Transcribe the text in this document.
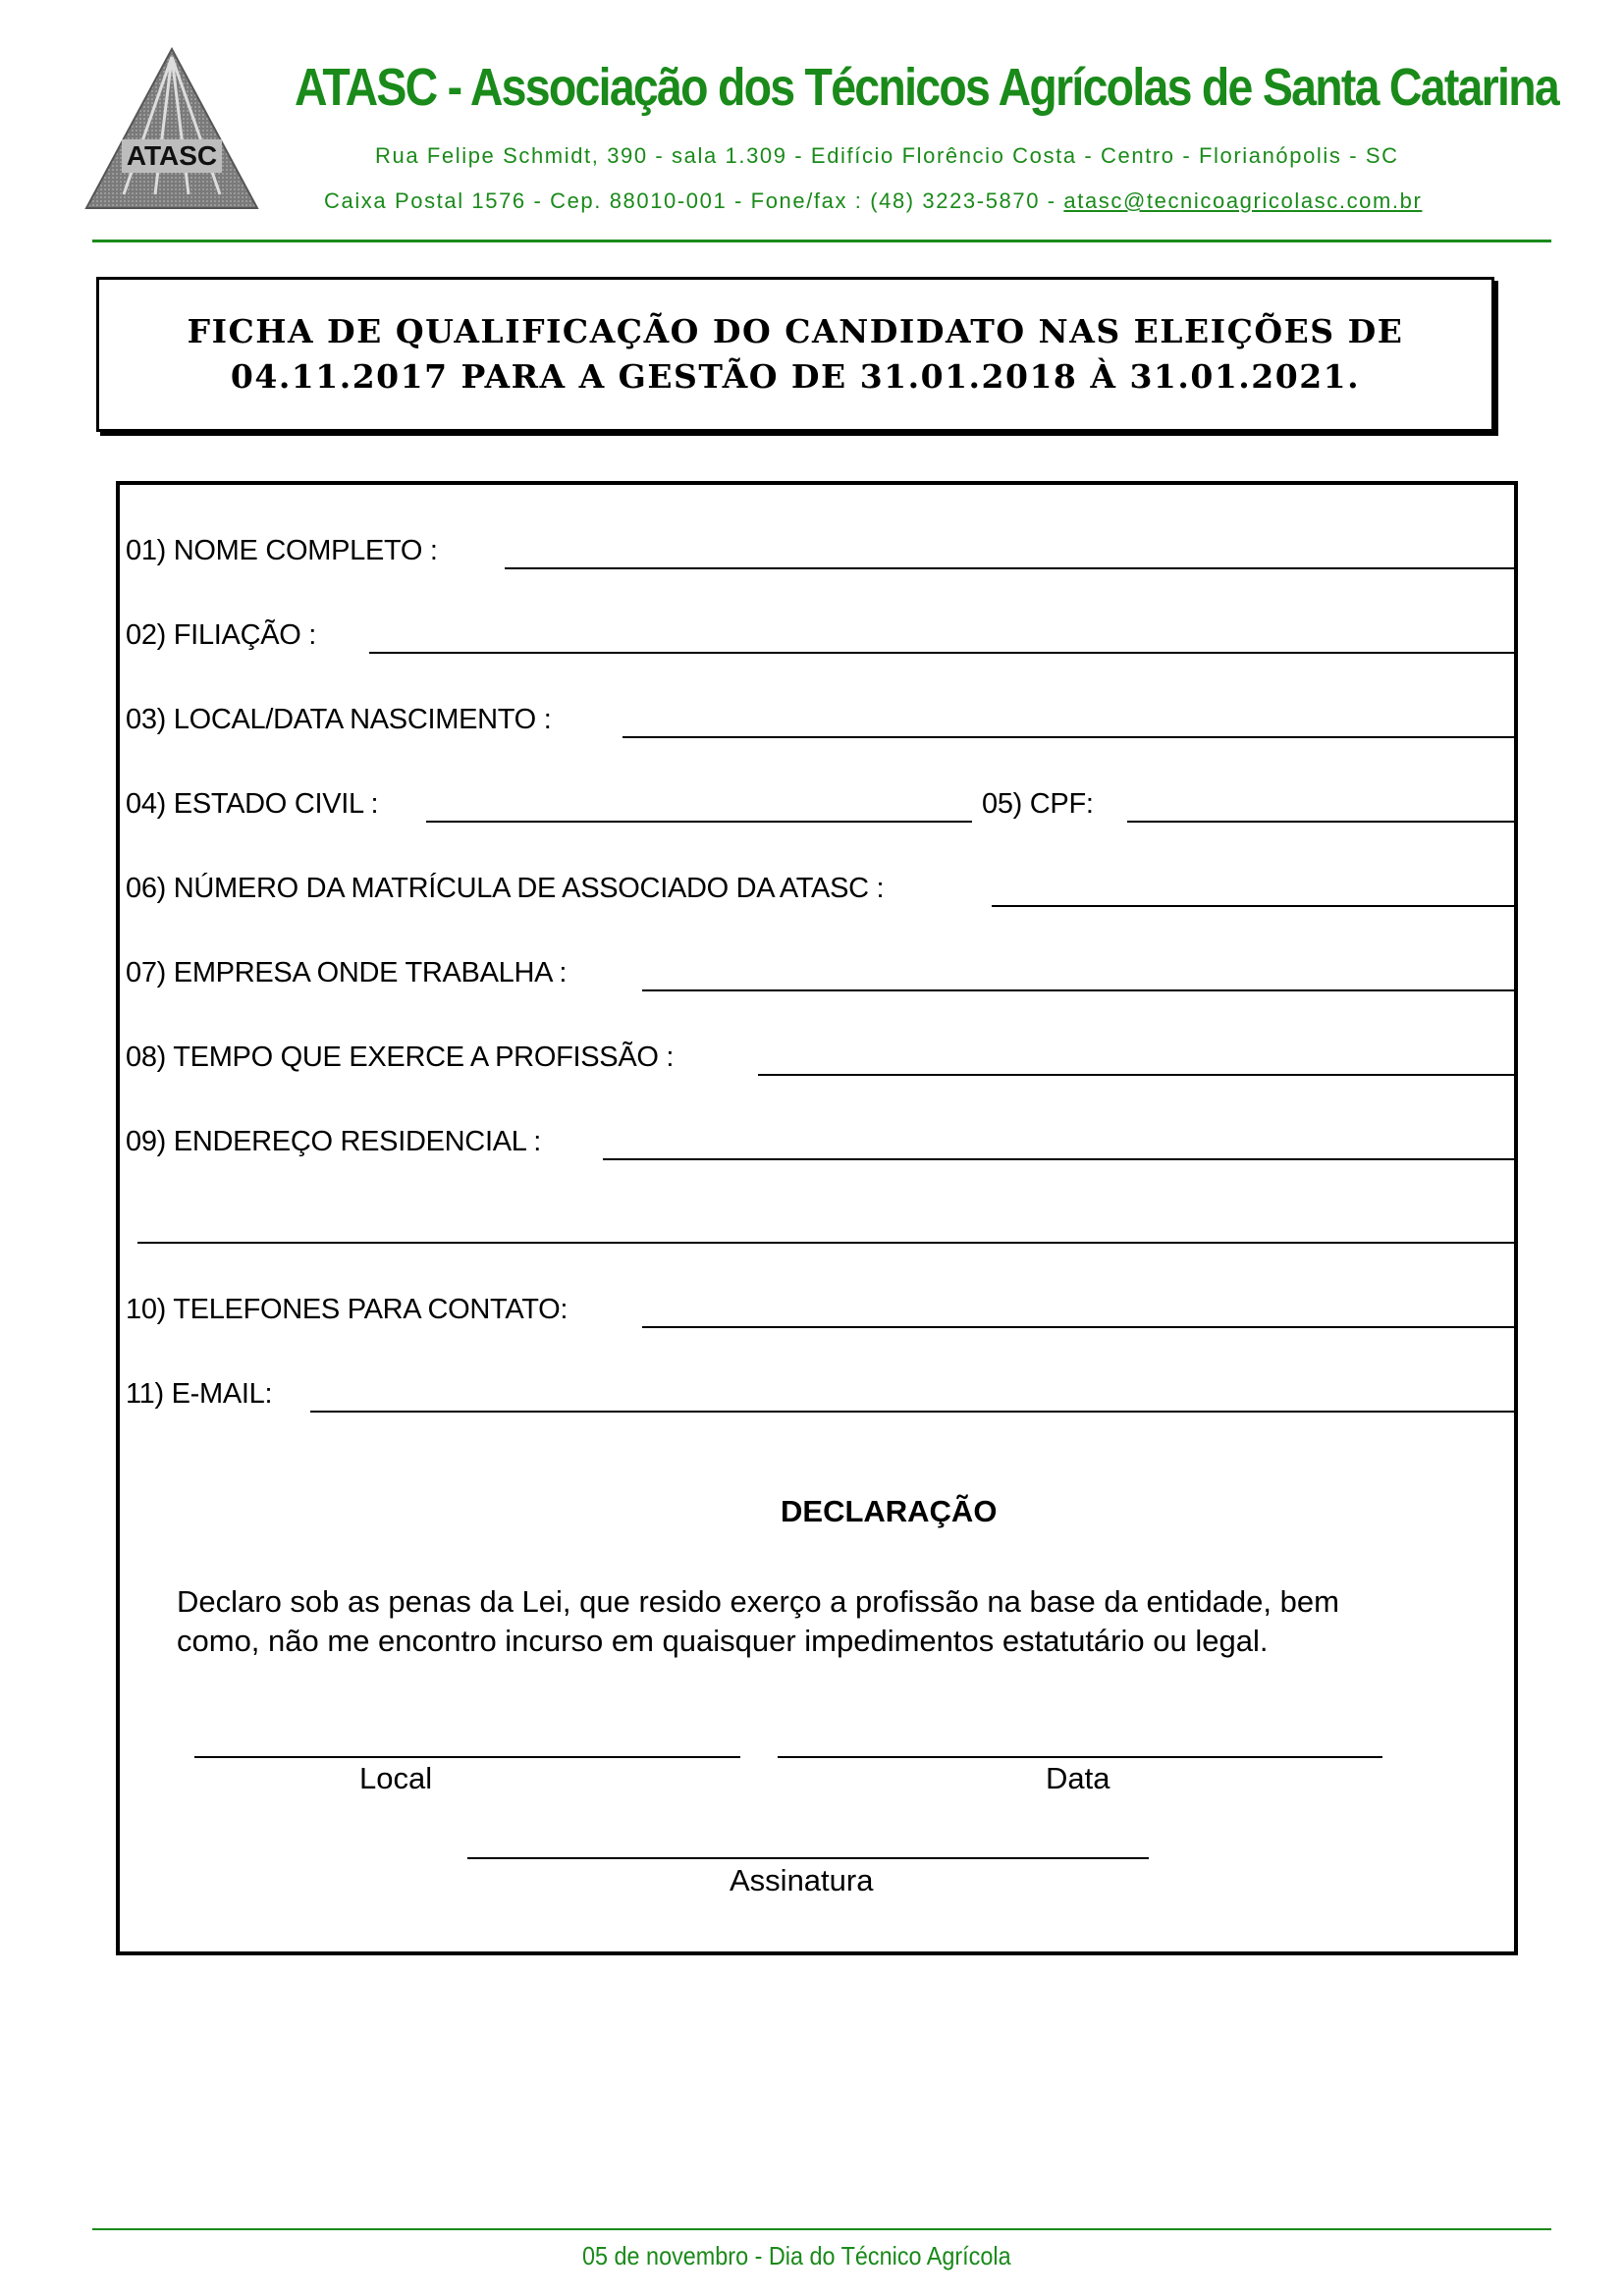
ATASC
ATASC - Associação dos Técnicos Agrícolas de Santa Catarina
Rua Felipe Schmidt, 390 - sala 1.309 - Edifício Florêncio Costa - Centro - Florianópolis - SC
Caixa Postal 1576 - Cep. 88010-001 - Fone/fax : (48) 3223-5870 - atasc@tecnicoagricolasc.com.br
FICHA DE QUALIFICAÇÃO DO CANDIDATO NAS ELEIÇÕES DE
04.11.2017 PARA A GESTÃO DE 31.01.2018 À 31.01.2021.
01) NOME COMPLETO :
02) FILIAÇÃO :
03) LOCAL/DATA NASCIMENTO :
04) ESTADO CIVIL :	05) CPF:
06) NÚMERO DA MATRÍCULA DE ASSOCIADO DA ATASC :
07) EMPRESA ONDE TRABALHA :
08) TEMPO QUE EXERCE A PROFISSÃO :
09) ENDEREÇO RESIDENCIAL :
10) TELEFONES PARA CONTATO:
11) E-MAIL:
DECLARAÇÃO
Declaro sob as penas da Lei, que resido exerço a profissão na base da entidade, bem
como, não me encontro incurso em quaisquer impedimentos estatutário ou legal.
Local	Data
Assinatura
05 de novembro - Dia do Técnico Agrícola
